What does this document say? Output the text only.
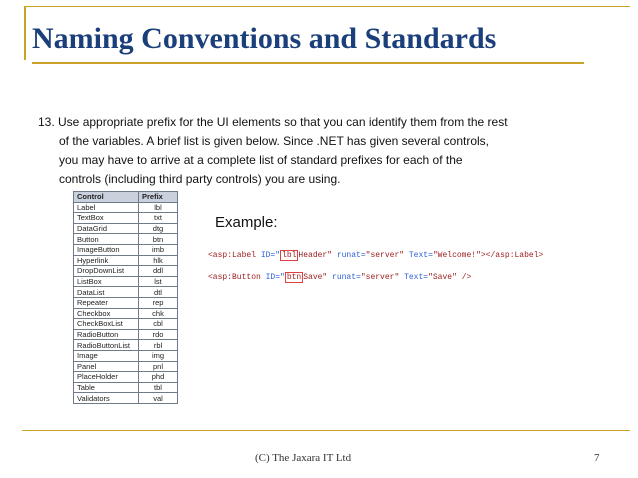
Naming Conventions and Standards
13. Use appropriate prefix for the UI elements so that you can identify them from the rest
of the variables. A brief list is given below. Since .NET has given several controls,
you may have to arrive at a complete list of standard prefixes for each of the
controls (including third party controls) you are using.
Control	Prefix
Label	lbl
TextBox	txt
DataGrid	dtg
Button	btn
ImageButton	imb
Hyperlink	hlk
DropDownList	ddl
ListBox	lst
DataList	dtl
Repeater	rep
Checkbox	chk
CheckBoxList	cbl
RadioButton	rdo
RadioButtonList	rbl
Image	img
Panel	pnl
PlaceHolder	phd
Table	tbl
Validators	val
Example:
<asp:Label ID=" lbl Header" runat="server" Text="Welcome!"></asp:Label>
<asp:Button ID=" btn Save" runat="server" Text="Save" />
(C) The Jaxara IT Ltd	7
